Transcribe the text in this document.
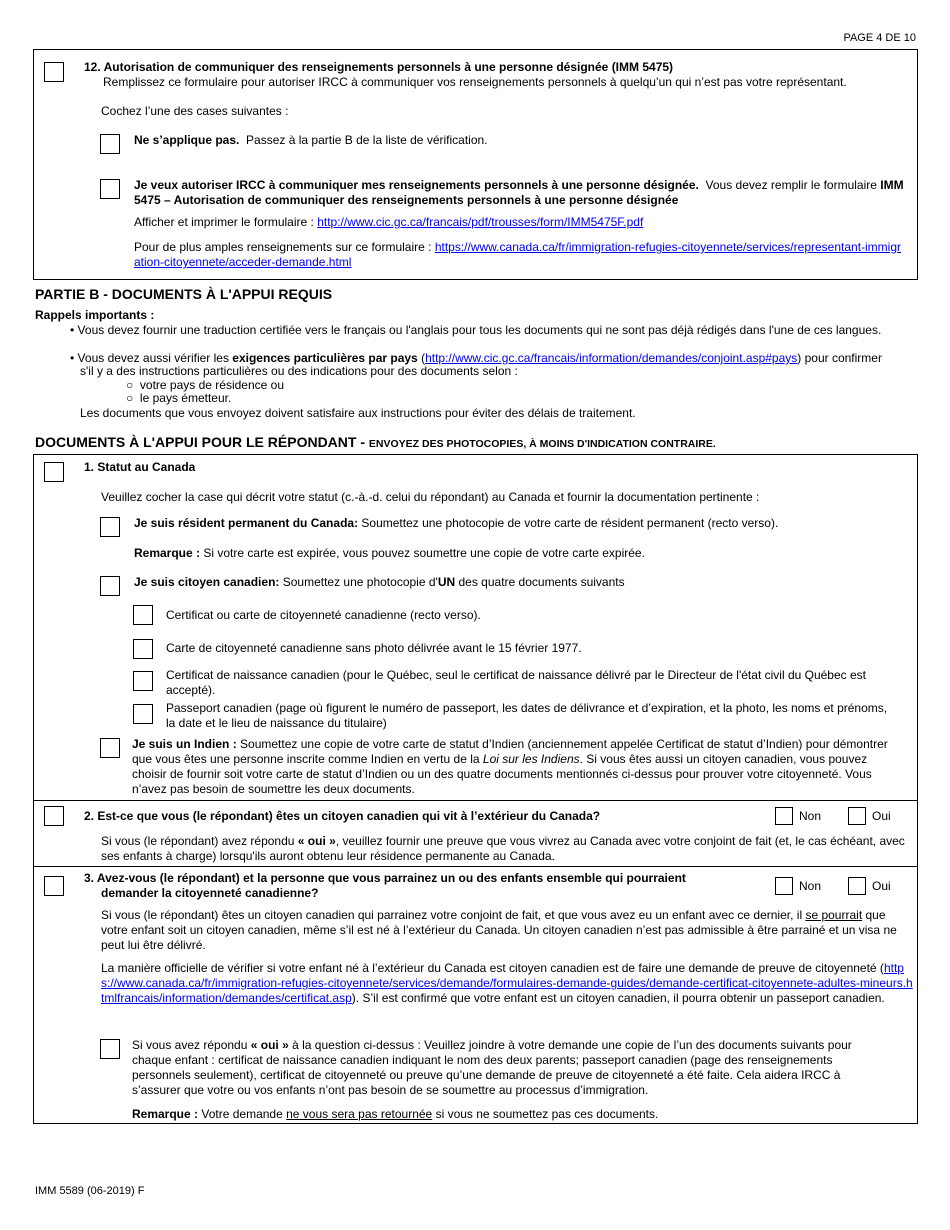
PAGE 4 DE 10
12. Autorisation de communiquer des renseignements personnels à une personne désignée (IMM 5475)
Remplissez ce formulaire pour autoriser IRCC à communiquer vos renseignements personnels à quelqu’un qui n’est pas votre représentant.
Cochez l’une des cases suivantes :
Ne s’applique pas. Passez à la partie B de la liste de vérification.
Je veux autoriser IRCC à communiquer mes renseignements personnels à une personne désignée. Vous devez remplir le formulaire IMM 5475 – Autorisation de communiquer des renseignements personnels à une personne désignée
Afficher et imprimer le formulaire : http://www.cic.gc.ca/francais/pdf/trousses/form/IMM5475F.pdf
Pour de plus amples renseignements sur ce formulaire : https://www.canada.ca/fr/immigration-refugies-citoyennete/services/representant-immigration-citoyennete/acceder-demande.html
PARTIE B - DOCUMENTS À L'APPUI REQUIS
Rappels importants :
• Vous devez fournir une traduction certifiée vers le français ou l'anglais pour tous les documents qui ne sont pas déjà rédigés dans l'une de ces langues.
• Vous devez aussi vérifier les exigences particulières par pays (http://www.cic.gc.ca/francais/information/demandes/conjoint.asp#pays) pour confirmer
s'il y a des instructions particulières ou des indications pour des documents selon :
○ votre pays de résidence ou
○ le pays émetteur.
Les documents que vous envoyez doivent satisfaire aux instructions pour éviter des délais de traitement.
DOCUMENTS À L'APPUI POUR LE RÉPONDANT - ENVOYEZ DES PHOTOCOPIES, À MOINS D'INDICATION CONTRAIRE.
1. Statut au Canada
Veuillez cocher la case qui décrit votre statut (c.-à.-d. celui du répondant) au Canada et fournir la documentation pertinente :
Je suis résident permanent du Canada: Soumettez une photocopie de votre carte de résident permanent (recto verso).
Remarque : Si votre carte est expirée, vous pouvez soumettre une copie de votre carte expirée.
Je suis citoyen canadien: Soumettez une photocopie d'UN des quatre documents suivants
Certificat ou carte de citoyenneté canadienne (recto verso).
Carte de citoyenneté canadienne sans photo délivrée avant le 15 février 1977.
Certificat de naissance canadien (pour le Québec, seul le certificat de naissance délivré par le Directeur de l'état civil du Québec est accepté).
Passeport canadien (page où figurent le numéro de passeport, les dates de délivrance et d’expiration, et la photo, les noms et prénoms, la date et le lieu de naissance du titulaire)
Je suis un Indien : Soumettez une copie de votre carte de statut d’Indien (anciennement appelée Certificat de statut d’Indien) pour démontrer que vous êtes une personne inscrite comme Indien en vertu de la Loi sur les Indiens. Si vous êtes aussi un citoyen canadien, vous pouvez choisir de fournir soit votre carte de statut d’Indien ou un des quatre documents mentionnés ci-dessus pour prouver votre citoyenneté. Vous n’avez pas besoin de soumettre les deux documents.
2. Est-ce que vous (le répondant) êtes un citoyen canadien qui vit à l’extérieur du Canada?	Non	Oui
Si vous (le répondant) avez répondu « oui », veuillez fournir une preuve que vous vivrez au Canada avec votre conjoint de fait (et, le cas échéant, avec ses enfants à charge) lorsqu'ils auront obtenu leur résidence permanente au Canada.
3. Avez-vous (le répondant) et la personne que vous parrainez un ou des enfants ensemble qui pourraient
demander la citoyenneté canadienne?	Non	Oui
Si vous (le répondant) êtes un citoyen canadien qui parrainez votre conjoint de fait, et que vous avez eu un enfant avec ce dernier, il se pourrait que votre enfant soit un citoyen canadien, même s’il est né à l’extérieur du Canada. Un citoyen canadien n’est pas admissible à être parrainé et un visa ne peut lui être délivré.
La manière officielle de vérifier si votre enfant né à l’extérieur du Canada est citoyen canadien est de faire une demande de preuve de citoyenneté (https://www.canada.ca/fr/immigration-refugies-citoyennete/services/demande/formulaires-demande-guides/demande-certificat-citoyennete-adultes-mineurs.htmlfrancais/information/demandes/certificat.asp). S’il est confirmé que votre enfant est un citoyen canadien, il pourra obtenir un passeport canadien.
Si vous avez répondu « oui » à la question ci-dessus : Veuillez joindre à votre demande une copie de l’un des documents suivants pour chaque enfant : certificat de naissance canadien indiquant le nom des deux parents; passeport canadien (page des renseignements personnels seulement), certificat de citoyenneté ou preuve qu’une demande de preuve de citoyenneté a été faite. Cela aidera IRCC à s’assurer que votre ou vos enfants n’ont pas besoin de se soumettre au processus d’immigration.
Remarque : Votre demande ne vous sera pas retournée si vous ne soumettez pas ces documents.
IMM 5589 (06-2019) F
